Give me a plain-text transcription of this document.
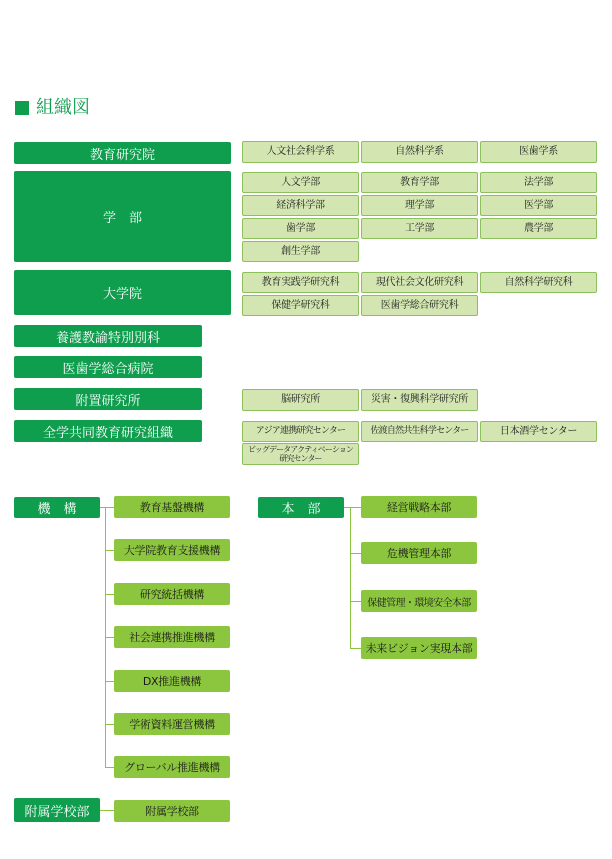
組織図
教育研究院	人文社会科学系	自然科学系	医歯学系
学　部
人文学部	教育学部	法学部
経済科学部	理学部	医学部
歯学部	工学部	農学部
創生学部
大学院
教育実践学研究科	現代社会文化研究科	自然科学研究科
保健学研究科	医歯学総合研究科
養護教諭特別別科
医歯学総合病院
附置研究所	脳研究所	災害・復興科学研究所
全学共同教育研究組織	アジア連携研究センター	佐渡自然共生科学センター	日本酒学センター
ビッグデータアクティベーション
研究センター
機　構	教育基盤機構
大学院教育支援機構
研究統括機構
社会連携推進機構
DX推進機構
学術資料運営機構
グローバル推進機構
本　部	経営戦略本部
危機管理本部
保健管理・環境安全本部
未来ビジョン実現本部
附属学校部	附属学校部
